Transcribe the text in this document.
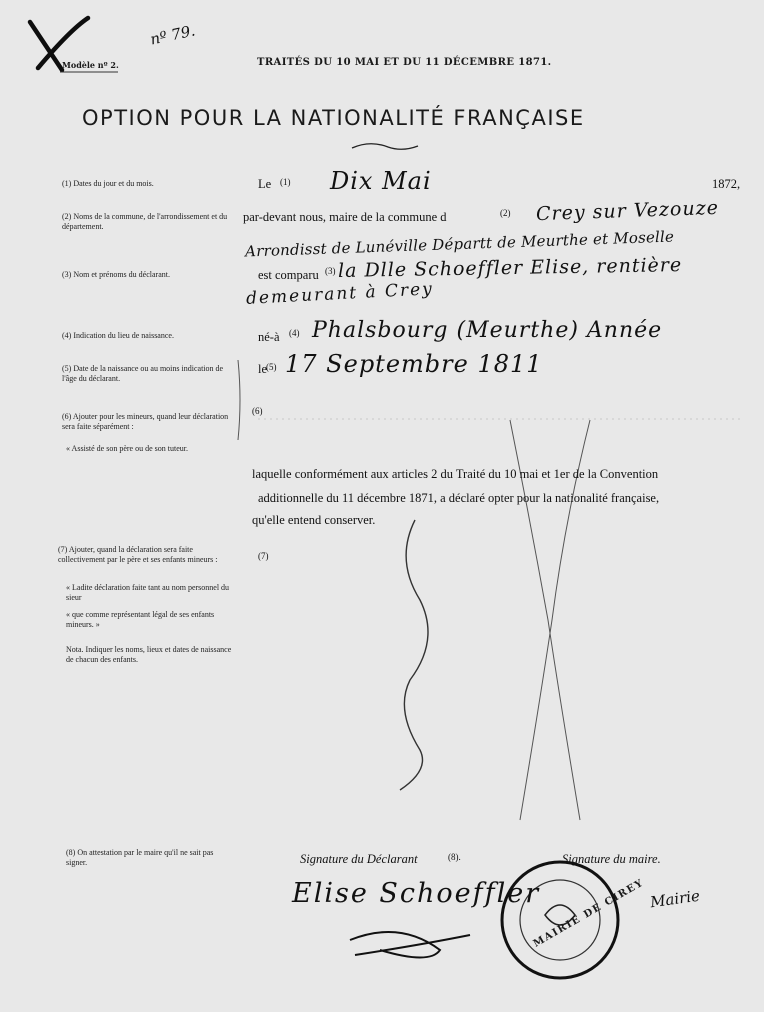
Modèle nº 2.
nº 79.
TRAITÉS DU 10 MAI ET DU 11 DÉCEMBRE 1871.
OPTION POUR LA NATIONALITÉ FRANÇAISE
(1) Dates du jour et du mois.
(2) Noms de la commune, de l'arrondissement et du département.
(3) Nom et prénoms du déclarant.
(4) Indication du lieu de naissance.
(5) Date de la naissance ou au moins indication de l'âge du déclarant.
(6) Ajouter pour les mineurs, quand leur déclaration sera faite séparément :
« Assisté de son père ou de son tuteur.
(7) Ajouter, quand la déclaration sera faite collectivement par le père et ses enfants mineurs :
« Ladite déclaration faite tant au nom personnel du sieur
« que comme représentant légal de ses enfants mineurs. »
Nota. Indiquer les noms, lieux et dates de naissance de chacun des enfants.
(8) On attestation par le maire qu'il ne sait pas signer.
Le (1)	1872,
par-devant nous, maire de la commune d	(2)
est comparu (3)
né-à (4)
le
(5)
(6)
laquelle conformément aux articles 2 du Traité du 10 mai et 1er de la Convention
additionnelle du 11 décembre 1871, a déclaré opter pour la nationalité française,
qu'elle entend conserver.
(7)
Signature du Déclarant	(8).	Signature du maire.
Dix Mai
Crey sur Vezouze
Arrondisst de Lunéville Départt de Meurthe et Moselle
la Dlle Schoeffler Elise, rentière
demeurant à Crey
Phalsbourg (Meurthe) Année
17 Septembre 1811
Elise Schoeffler	Mairie
MAIRIE DE CIREY
